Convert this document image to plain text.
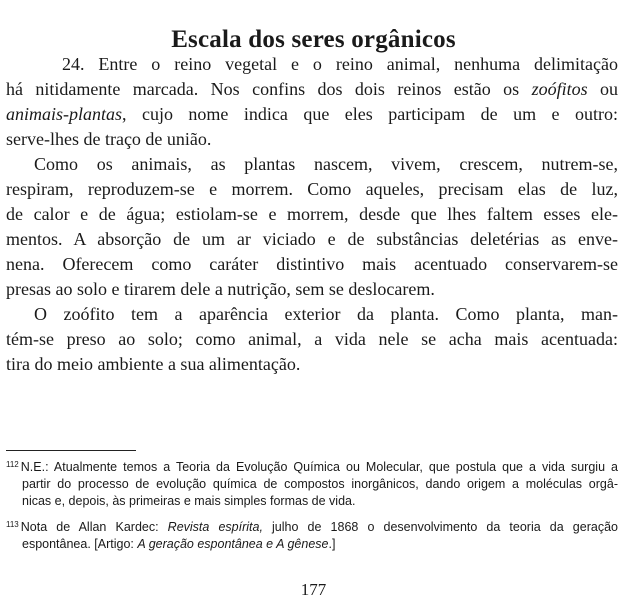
Escala dos seres orgânicos

24. Entre o reino vegetal e o reino animal, nenhuma delimitação
há nitidamente marcada. Nos confins dos dois reinos estão os zoófitos ou
animais-plantas, cujo nome indica que eles participam de um e outro:
serve-lhes de traço de união.

Como os animais, as plantas nascem, vivem, crescem, nutrem-se,
respiram, reproduzem-se e morrem. Como aqueles, precisam elas de luz,
de calor e de água; estiolam-se e morrem, desde que lhes faltem esses ele-
mentos. A absorção de um ar viciado e de substâncias deletérias as enve-
nena. Oferecem como caráter distintivo mais acentuado conservarem-se
presas ao solo e tirarem dele a nutrição, sem se deslocarem.

O zoófito tem a aparência exterior da planta. Como planta, man-
tém-se preso ao solo; como animal, a vida nele se acha mais acentuada:
tira do meio ambiente a sua alimentação.

$^{112}$ N.E.: Atualmente temos a Teoria da Evolução Química ou Molecular, que postula que a vida surgiu a
partir do processo de evolução química de compostos inorgânicos, dando origem a moléculas orgâ-
nicas e, depois, às primeiras e mais simples formas de vida.
$^{113}$ Nota de Allan Kardec: Revista espírita, julho de 1868 o desenvolvimento da teoria da geração
espontânea. [Artigo: A geração espontânea e A gênese.]
177
